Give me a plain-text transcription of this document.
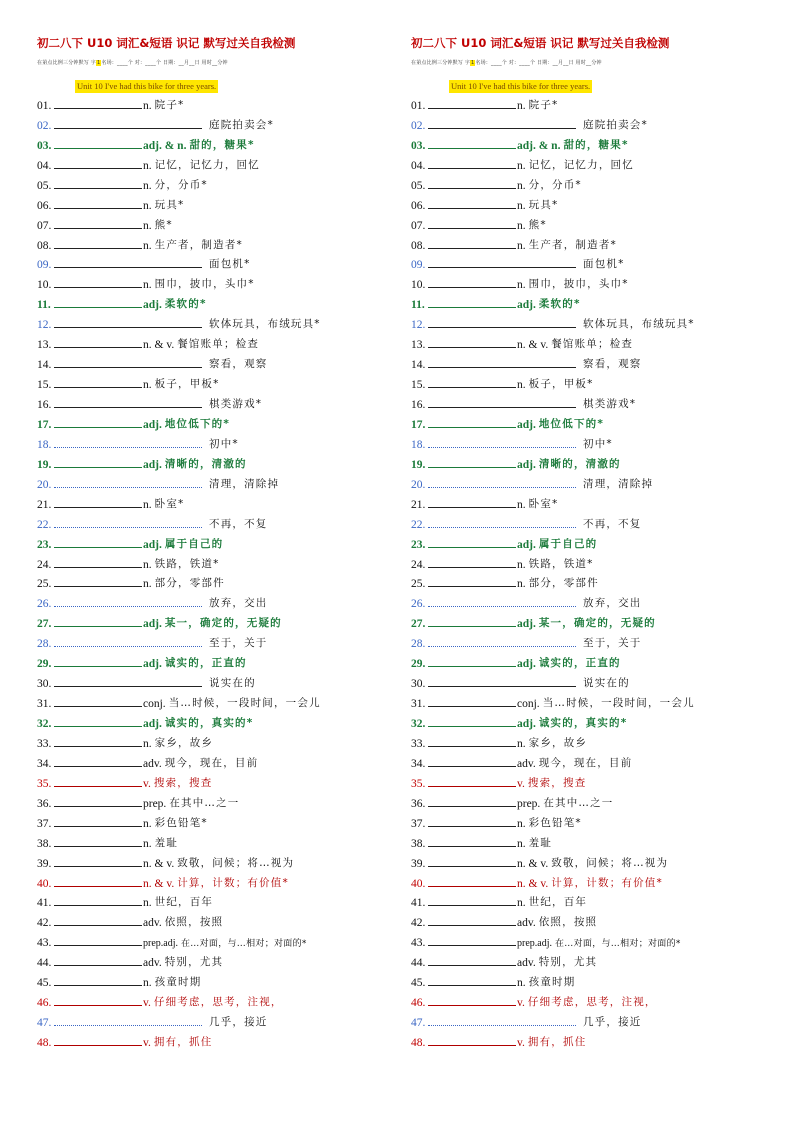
初二八下 U10 词汇&短语 识记 默写过关自我检测
在第点比例三分钟默写 字1名场：____个 对：____个 日期：__月__日 用时__分钟
Unit 10 I've had this bike for three years.
01.	n. 院子*
02.	庭院拍卖会*
03.	adj. & n. 甜的，糖果*
04.	n. 记忆，记忆力，回忆
05.	n. 分，分币*
06.	n. 玩具*
07.	n. 熊*
08.	n. 生产者，制造者*
09.	面包机*
10.	n. 围巾，披巾，头巾*
11.	adj. 柔软的*
12.	软体玩具，布绒玩具*
13.	n. & v. 餐馆账单；检查
14.	察看，观察
15.	n. 板子，甲板*
16.	棋类游戏*
17.	adj. 地位低下的*
18.	初中*
19.	adj. 清晰的，清澈的
20.	清理，清除掉
21.	n. 卧室*
22.	不再，不复
23.	adj. 属于自己的
24.	n. 铁路，铁道*
25.	n. 部分，零部件
26.	放弃，交出
27.	adj. 某一，确定的，无疑的
28.	至于，关于
29.	adj. 诚实的，正直的
30.	说实在的
31.	conj. 当…时候，一段时间，一会儿
32.	adj. 诚实的，真实的*
33.	n. 家乡，故乡
34.	adv. 现今，现在，目前
35.	v. 搜索，搜查
36.	prep. 在其中…之一
37.	n. 彩色铅笔*
38.	n. 羞耻
39.	n. & v. 致敬，问候；将…视为
40.	n. & v. 计算，计数；有价值*
41.	n. 世纪，百年
42.	adv. 依照，按照
43.	prep.adj. 在…对面，与…相对；对面的*
44.	adv. 特别，尤其
45.	n. 孩童时期
46.	v. 仔细考虑，思考，注视，
47.	几乎，接近
48.	v. 拥有，抓住
初二八下 U10 词汇&短语 识记 默写过关自我检测
在第点比例三分钟默写 字1名场：____个 对：____个 日期：__月__日 用时__分钟
Unit 10 I've had this bike for three years.
01.	n. 院子*
02.	庭院拍卖会*
03.	adj. & n. 甜的，糖果*
04.	n. 记忆，记忆力，回忆
05.	n. 分，分币*
06.	n. 玩具*
07.	n. 熊*
08.	n. 生产者，制造者*
09.	面包机*
10.	n. 围巾，披巾，头巾*
11.	adj. 柔软的*
12.	软体玩具，布绒玩具*
13.	n. & v. 餐馆账单；检查
14.	察看，观察
15.	n. 板子，甲板*
16.	棋类游戏*
17.	adj. 地位低下的*
18.	初中*
19.	adj. 清晰的，清澈的
20.	清理，清除掉
21.	n. 卧室*
22.	不再，不复
23.	adj. 属于自己的
24.	n. 铁路，铁道*
25.	n. 部分，零部件
26.	放弃，交出
27.	adj. 某一，确定的，无疑的
28.	至于，关于
29.	adj. 诚实的，正直的
30.	说实在的
31.	conj. 当…时候，一段时间，一会儿
32.	adj. 诚实的，真实的*
33.	n. 家乡，故乡
34.	adv. 现今，现在，目前
35.	v. 搜索，搜查
36.	prep. 在其中…之一
37.	n. 彩色铅笔*
38.	n. 羞耻
39.	n. & v. 致敬，问候；将…视为
40.	n. & v. 计算，计数；有价值*
41.	n. 世纪，百年
42.	adv. 依照，按照
43.	prep.adj. 在…对面，与…相对；对面的*
44.	adv. 特别，尤其
45.	n. 孩童时期
46.	v. 仔细考虑，思考，注视，
47.	几乎，接近
48.	v. 拥有，抓住
